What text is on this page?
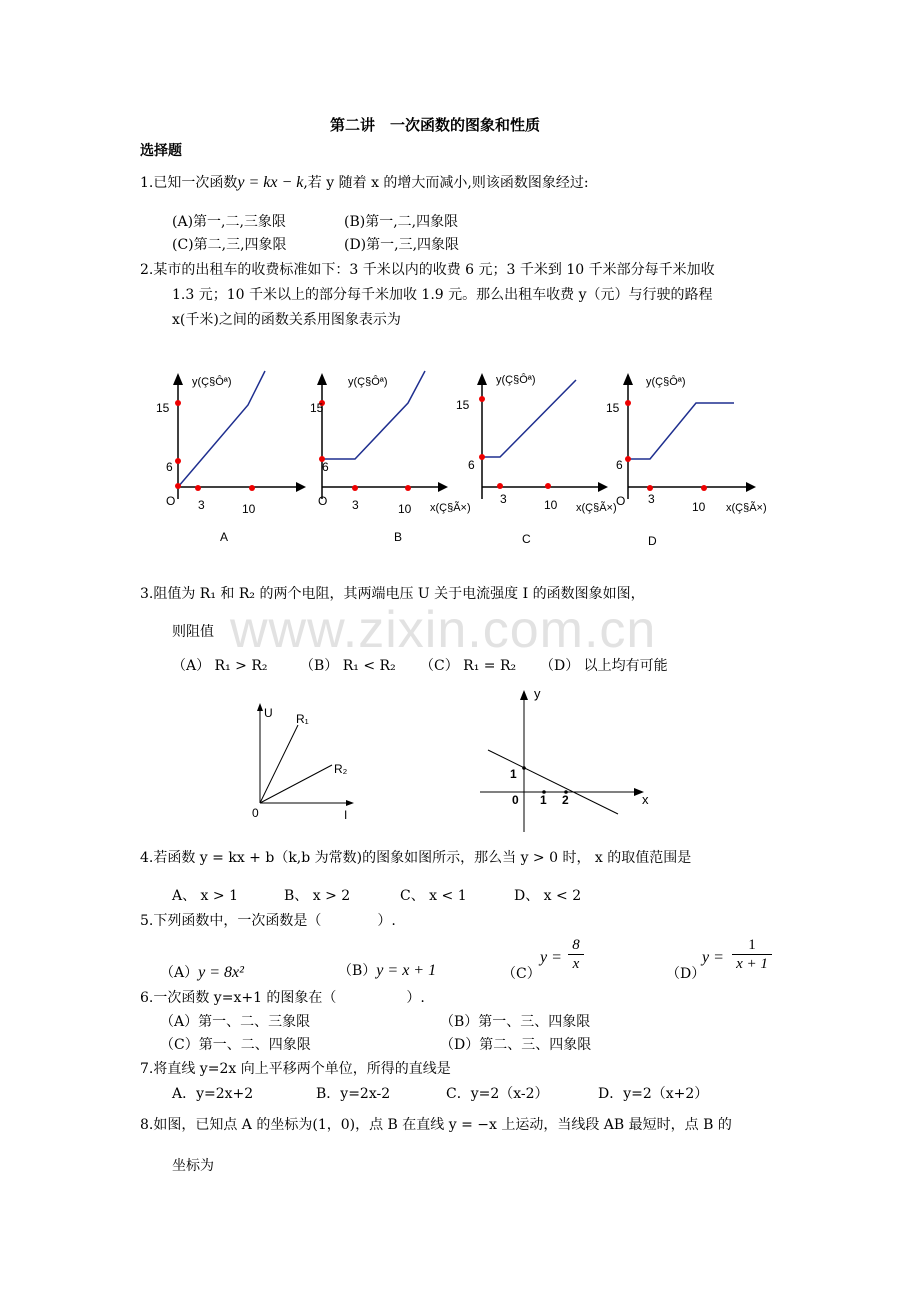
www.zixin.com.cn
第二讲　一次函数的图象和性质
选择题
1.已知一次函数y = kx − k,若 y 随着 x 的增大而减小,则该函数图象经过:
(A)第一,二,三象限	(B)第一,二,四象限
(C)第二,三,四象限	(D)第一,三,四象限
2.某市的出租车的收费标准如下：3 千米以内的收费 6 元；3 千米到 10 千米部分每千米加收
1.3 元；10 千米以上的部分每千米加收 1.9 元。那么出租车收费 y（元）与行驶的路程
x(千米)之间的函数关系用图象表示为
y(Ç§Ôª)
15
6
O 3	10
A
y(Ç§Ôª)
15
6
O 3	10
B
y(Ç§Ôª)
15
6
3	10
x(Ç§Ã×)
C
y(Ç§Ôª)
15
6
O 3
10
x(Ç§Ã×)	x(Ç§Ã×)
D
3.阻值为 R₁ 和 R₂ 的两个电阻，其两端电压 U 关于电流强度 I 的函数图象如图，
则阻值
（A） R₁ > R₂ （B） R₁ < R₂ （C） R₁ = R₂ （D） 以上均有可能
U R₁
R₂
0	I
y
x
1
0 1 2
4.若函数 y = kx + b（k,b 为常数)的图象如图所示，那么当 y > 0 时， x 的取值范围是
A、 x > 1	B、 x > 2	C、 x < 1	D、 x < 2
5.下列函数中，一次函数是（　　　　）.
（A）y = 8x²	（B）y = x + 1	（C）
y =
8
x
（D）
y =
1
x + 1
6.一次函数 y=x+1 的图象在（　　　　　）.
（A）第一、二、三象限	（B）第一、三、四象限
（C）第一、二、四象限	（D）第二、三、四象限
7.将直线 y=2x 向上平移两个单位，所得的直线是
A．y=2x+2	B．y=2x-2	C．y=2（x-2）	D．y=2（x+2）
8.如图，已知点 A 的坐标为(1，0)，点 B 在直线 y = −x 上运动，当线段 AB 最短时，点 B 的
坐标为
